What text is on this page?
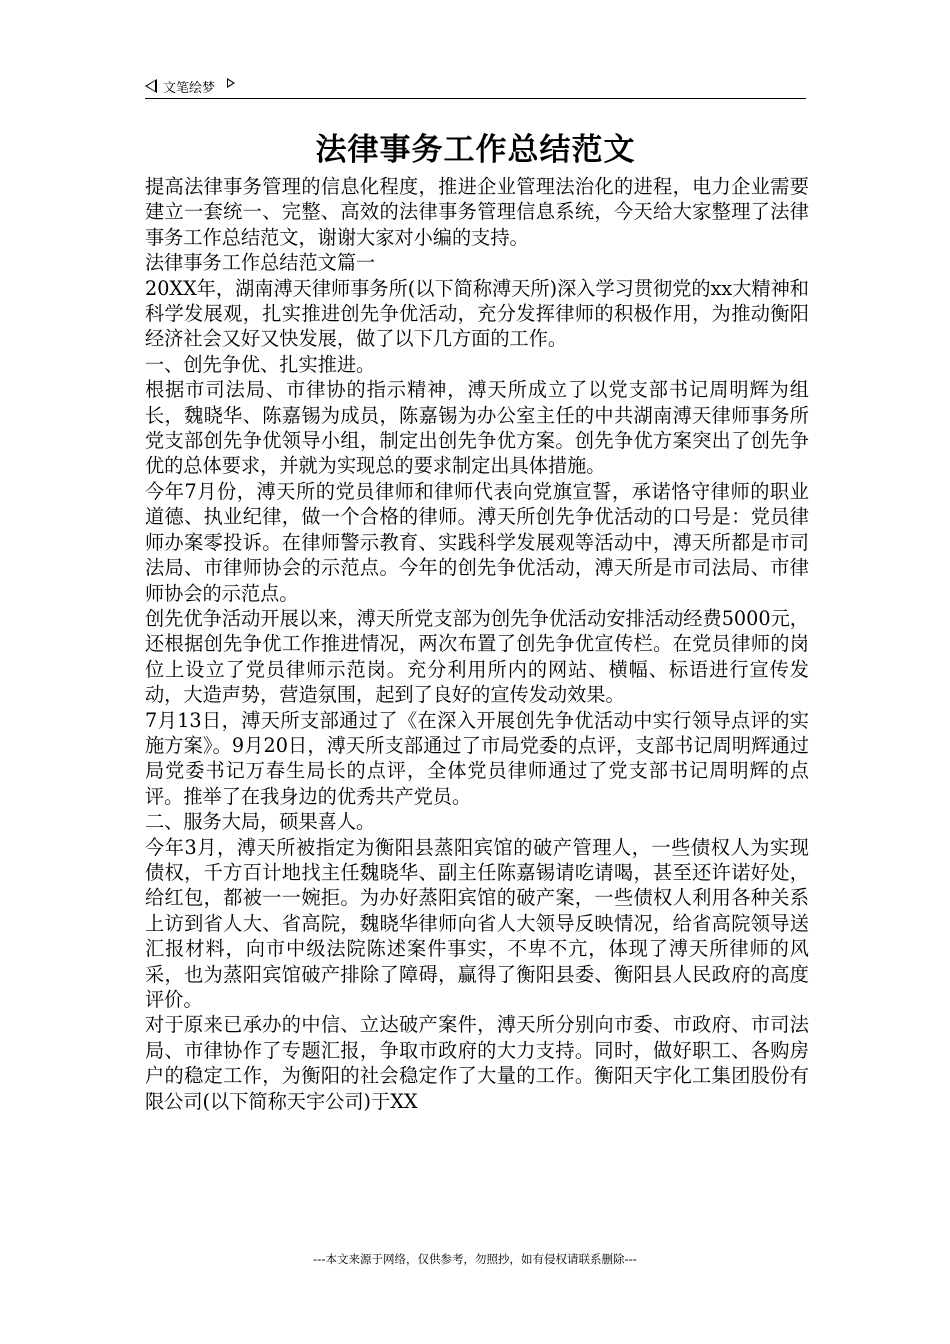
文笔绘梦
法律事务工作总结范文

提高法律事务管理的信息化程度，推进企业管理法治化的进程，电力企业需要建立一套统一、完整、高效的法律事务管理信息系统，今天给大家整理了法律事务工作总结范文，谢谢大家对小编的支持。

法律事务工作总结范文篇一

20XX年，湖南溥天律师事务所(以下简称溥天所)深入学习贯彻党的xx大精神和科学发展观，扎实推进创先争优活动，充分发挥律师的积极作用，为推动衡阳经济社会又好又快发展，做了以下几方面的工作。

一、创先争优、扎实推进。

根据市司法局、市律协的指示精神，溥天所成立了以党支部书记周明辉为组长，魏晓华、陈嘉锡为成员，陈嘉锡为办公室主任的中共湖南溥天律师事务所党支部创先争优领导小组，制定出创先争优方案。创先争优方案突出了创先争优的总体要求，并就为实现总的要求制定出具体措施。

今年7月份，溥天所的党员律师和律师代表向党旗宣誓，承诺恪守律师的职业道德、执业纪律，做一个合格的律师。溥天所创先争优活动的口号是：党员律师办案零投诉。在律师警示教育、实践科学发展观等活动中，溥天所都是市司法局、市律师协会的示范点。今年的创先争优活动，溥天所是市司法局、市律师协会的示范点。

创先优争活动开展以来，溥天所党支部为创先争优活动安排活动经费5000元，还根据创先争优工作推进情况，两次布置了创先争优宣传栏。在党员律师的岗位上设立了党员律师示范岗。充分利用所内的网站、横幅、标语进行宣传发动，大造声势，营造氛围，起到了良好的宣传发动效果。

7月13日，溥天所支部通过了《在深入开展创先争优活动中实行领导点评的实施方案》。9月20日，溥天所支部通过了市局党委的点评，支部书记周明辉通过局党委书记万春生局长的点评，全体党员律师通过了党支部书记周明辉的点评。推举了在我身边的优秀共产党员。

二、服务大局，硕果喜人。

今年3月，溥天所被指定为衡阳县蒸阳宾馆的破产管理人，一些债权人为实现债权，千方百计地找主任魏晓华、副主任陈嘉锡请吃请喝，甚至还许诺好处，给红包，都被一一婉拒。为办好蒸阳宾馆的破产案，一些债权人利用各种关系上访到省人大、省高院，魏晓华律师向省人大领导反映情况，给省高院领导送汇报材料，向市中级法院陈述案件事实，不卑不亢，体现了溥天所律师的风采，也为蒸阳宾馆破产排除了障碍，赢得了衡阳县委、衡阳县人民政府的高度评价。

对于原来已承办的中信、立达破产案件，溥天所分别向市委、市政府、市司法局、市律协作了专题汇报，争取市政府的大力支持。同时，做好职工、各购房户的稳定工作，为衡阳的社会稳定作了大量的工作。衡阳天宇化工集团股份有限公司(以下简称天宇公司)于XX

---本文来源于网络，仅供参考，勿照抄，如有侵权请联系删除---
